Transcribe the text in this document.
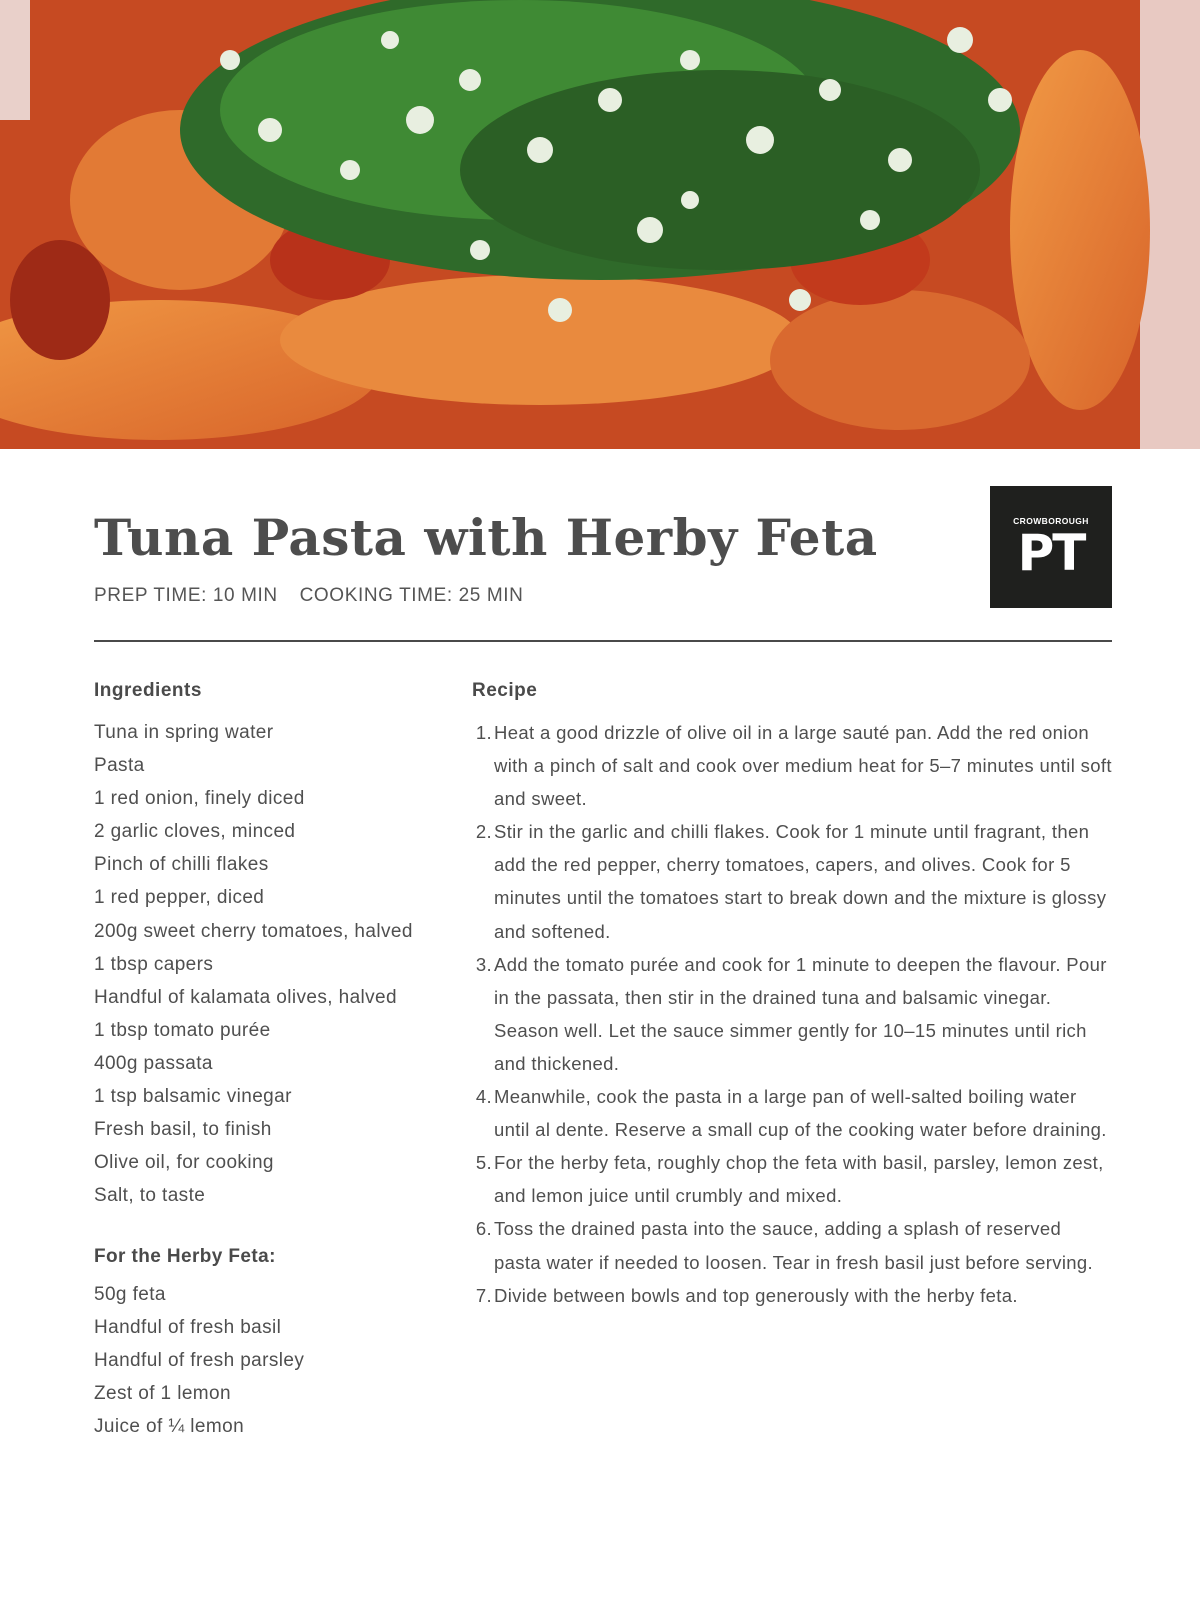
Tuna Pasta with Herby Feta
PREP TIME: 10 MIN COOKING TIME: 25 MIN
CROWBOROUGH
PT
Ingredients	Recipe
Tuna in spring water
Pasta
1 red onion, finely diced
2 garlic cloves, minced
Pinch of chilli flakes
1 red pepper, diced
200g sweet cherry tomatoes, halved
1 tbsp capers
Handful of kalamata olives, halved
1 tbsp tomato purée
400g passata
1 tsp balsamic vinegar
Fresh basil, to finish
Olive oil, for cooking
Salt, to taste
For the Herby Feta:
50g feta
Handful of fresh basil
Handful of fresh parsley
Zest of 1 lemon
Juice of ¼ lemon
1. Heat a good drizzle of olive oil in a large sauté pan. Add the red onion with a pinch of salt and cook over medium heat for 5–7 minutes until soft and sweet.
2. Stir in the garlic and chilli flakes. Cook for 1 minute until fragrant, then add the red pepper, cherry tomatoes, capers, and olives. Cook for 5 minutes until the tomatoes start to break down and the mixture is glossy and softened.
3. Add the tomato purée and cook for 1 minute to deepen the flavour. Pour in the passata, then stir in the drained tuna and balsamic vinegar. Season well. Let the sauce simmer gently for 10–15 minutes until rich and thickened.
4. Meanwhile, cook the pasta in a large pan of well-salted boiling water until al dente. Reserve a small cup of the cooking water before draining.
5. For the herby feta, roughly chop the feta with basil, parsley, lemon zest, and lemon juice until crumbly and mixed.
6. Toss the drained pasta into the sauce, adding a splash of reserved pasta water if needed to loosen. Tear in fresh basil just before serving.
7. Divide between bowls and top generously with the herby feta.
